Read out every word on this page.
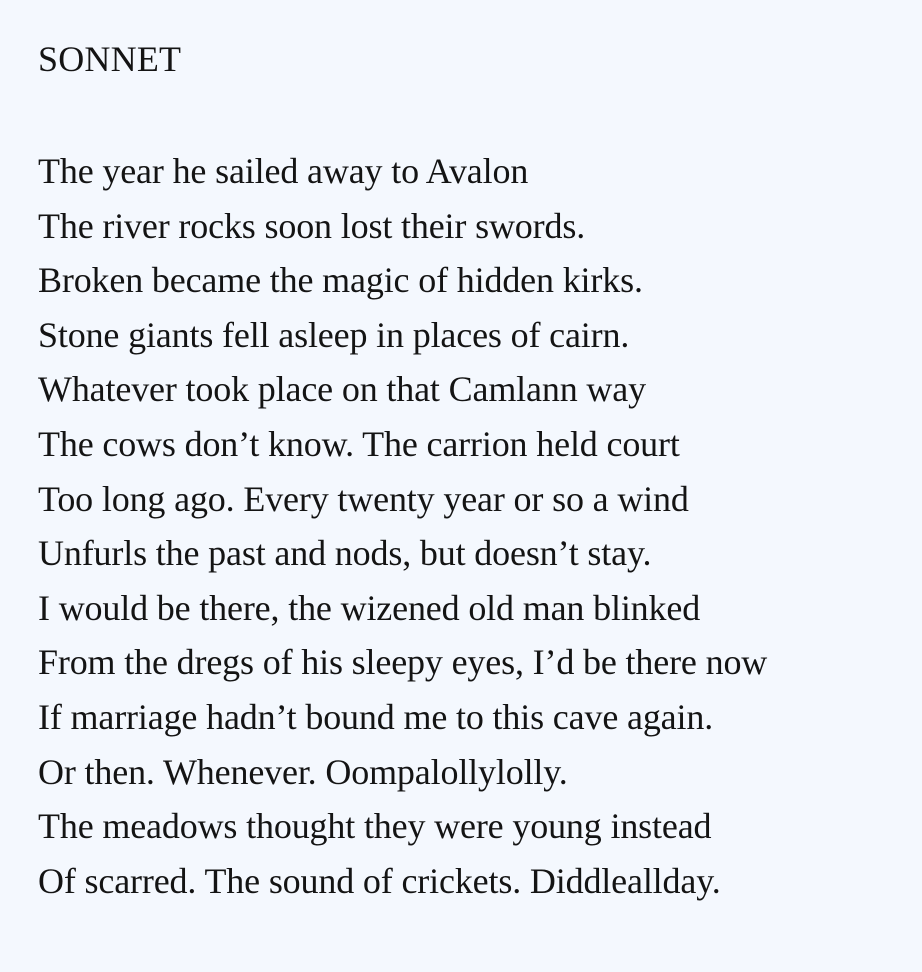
SONNET
The year he sailed away to Avalon
The river rocks soon lost their swords.
Broken became the magic of hidden kirks.
Stone giants fell asleep in places of cairn.
Whatever took place on that Camlann way
The cows don’t know. The carrion held court
Too long ago. Every twenty year or so a wind
Unfurls the past and nods, but doesn’t stay.
I would be there, the wizened old man blinked
From the dregs of his sleepy eyes, I’d be there now
If marriage hadn’t bound me to this cave again.
Or then. Whenever. Oompalollylolly.
The meadows thought they were young instead
Of scarred. The sound of crickets. Diddleallday.
